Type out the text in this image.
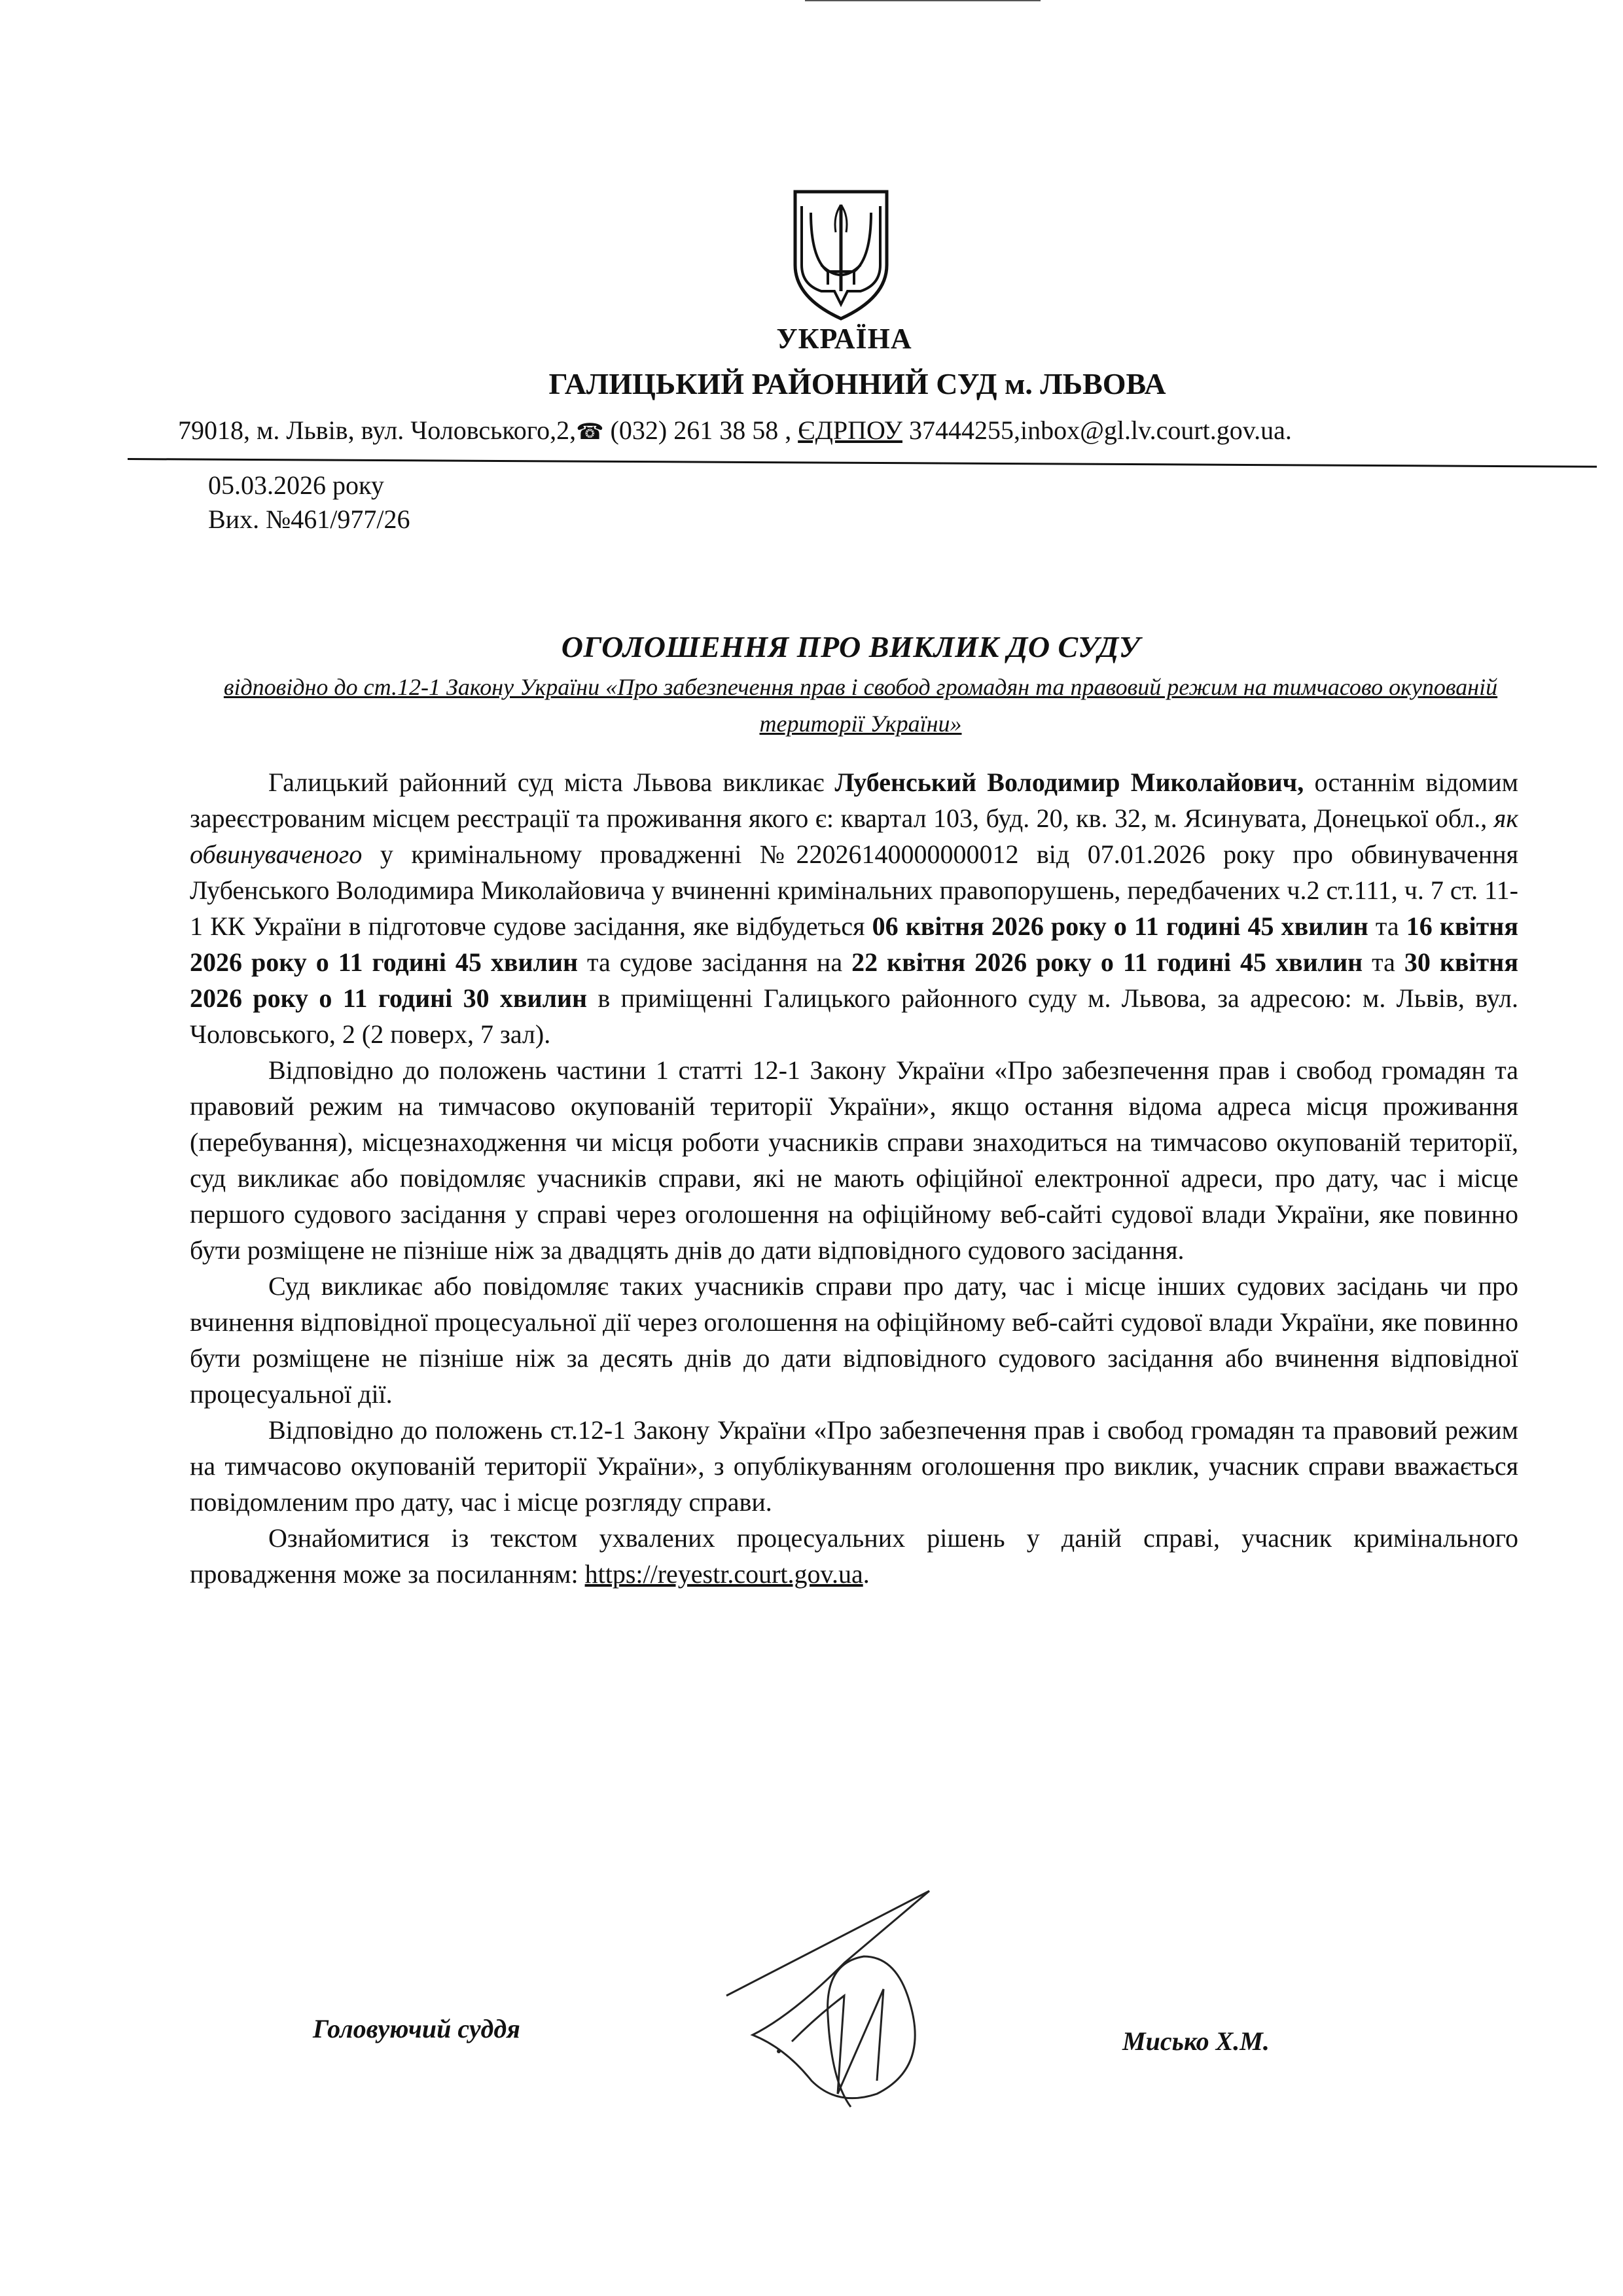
УКРАЇНА
ГАЛИЦЬКИЙ РАЙОННИЙ СУД м. ЛЬВОВА
79018, м. Львів, вул. Чоловського,2,☎ (032) 261 38 58 , ЄДРПОУ 37444255,inbox@gl.lv.court.gov.ua.
05.03.2026 року
Вих. №461/977/26
ОГОЛОШЕННЯ ПРО ВИКЛИК ДО СУДУ
відповідно до ст.12-1 Закону України «Про забезпечення прав і свобод громадян та правовий режим на тимчасово окупованій території України»

Галицький районний суд міста Львова викликає Лубенський Володимир Миколайович, останнім відомим зареєстрованим місцем реєстрації та проживання якого є: квартал 103, буд. 20, кв. 32, м. Ясинувата, Донецької обл., як обвинуваченого у кримінальному провадженні №22026140000000012 від 07.01.2026 року про обвинувачення Лубенського Володимира Миколайовича у вчиненні кримінальних правопорушень, передбачених ч.2 ст.111, ч. 7 ст. 11-1 КК України в підготовче судове засідання, яке відбудеться 06 квітня 2026 року о 11 годині 45 хвилин та 16 квітня 2026 року о 11 годині 45 хвилин та судове засідання на 22 квітня 2026 року о 11 годині 45 хвилин та 30 квітня 2026 року о 11 годині 30 хвилин в приміщенні Галицького районного суду м. Львова, за адресою: м. Львів, вул. Чоловського, 2 (2 поверх, 7 зал).

Відповідно до положень частини 1 статті 12-1 Закону України «Про забезпечення прав і свобод громадян та правовий режим на тимчасово окупованій території України», якщо остання відома адреса місця проживання (перебування), місцезнаходження чи місця роботи учасників справи знаходиться на тимчасово окупованій території, суд викликає або повідомляє учасників справи, які не мають офіційної електронної адреси, про дату, час і місце першого судового засідання у справі через оголошення на офіційному веб-сайті судової влади України, яке повинно бути розміщене не пізніше ніж за двадцять днів до дати відповідного судового засідання.

Суд викликає або повідомляє таких учасників справи про дату, час і місце інших судових засідань чи про вчинення відповідної процесуальної дії через оголошення на офіційному веб-сайті судової влади України, яке повинно бути розміщене не пізніше ніж за десять днів до дати відповідного судового засідання або вчинення відповідної процесуальної дії.

Відповідно до положень ст.12-1 Закону України «Про забезпечення прав і свобод громадян та правовий режим на тимчасово окупованій території України», з опублікуванням оголошення про виклик, учасник справи вважається повідомленим про дату, час і місце розгляду справи.

Ознайомитися із текстом ухвалених процесуальних рішень у даній справі, учасник кримінального провадження може за посиланням: https://reyestr.court.gov.ua.

Головуючий суддя	Мисько Х.М.
